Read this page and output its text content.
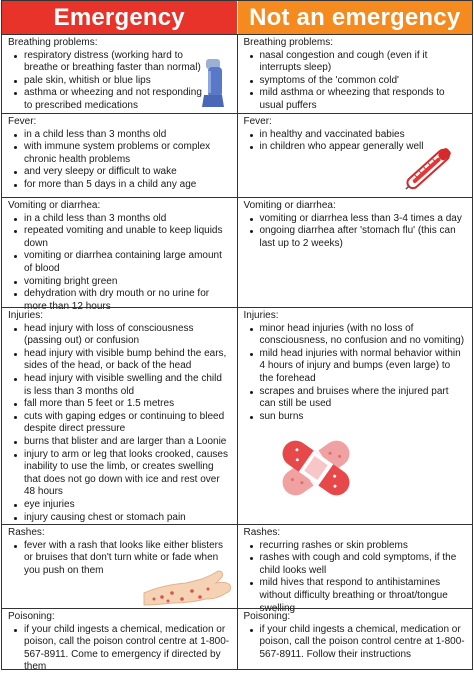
Emergency	Not an emergency
Breathing problems:
respiratory distress (working hard to breathe or breathing faster than normal)
pale skin, whitish or blue lips
asthma or wheezing and not responding to prescribed medications
Breathing problems:
nasal congestion and cough (even if it interrupts sleep)
symptoms of the 'common cold'
mild asthma or wheezing that responds to usual puffers
Fever:
in a child less than 3 months old
with immune system problems or complex chronic health problems
and very sleepy or difficult to wake
for more than 5 days in a child any age
Fever:
in healthy and vaccinated babies
in children who appear generally well
Vomiting or diarrhea:
in a child less than 3 months old
repeated vomiting and unable to keep liquids down
vomiting or diarrhea containing large amount of blood
vomiting bright green
dehydration with dry mouth or no urine for more than 12 hours
Vomiting or diarrhea:
vomiting or diarrhea less than 3-4 times a day
ongoing diarrhea after 'stomach flu' (this can last up to 2 weeks)
Injuries:
head injury with loss of consciousness (passing out) or confusion
head injury with visible bump behind the ears, sides of the head, or back of the head
head injury with visible swelling and the child is less than 3 months old
fall more than 5 feet or 1.5 metres
cuts with gaping edges or continuing to bleed despite direct pressure
burns that blister and are larger than a Loonie
injury to arm or leg that looks crooked, causes inability to use the limb, or creates swelling that does not go down with ice and rest over 48 hours
eye injuries
injury causing chest or stomach pain
Injuries:
minor head injuries (with no loss of consciousness, no confusion and no vomiting)
mild head injuries with normal behavior within 4 hours of injury and bumps (even large) to the forehead
scrapes and bruises where the injured part can still be used
sun burns
Rashes:
fever with a rash that looks like either blisters or bruises that don't turn white or fade when you push on them
Rashes:
recurring rashes or skin problems
rashes with cough and cold symptoms, if the child looks well
mild hives that respond to antihistamines without difficulty breathing or throat/tongue swelling
Poisoning:
if your child ingests a chemical, medication or poison, call the poison control centre at 1-800-567-8911. Come to emergency if directed by them
Poisoning:
if your child ingests a chemical, medication or poison, call the poison control centre at 1-800-567-8911. Follow their instructions
